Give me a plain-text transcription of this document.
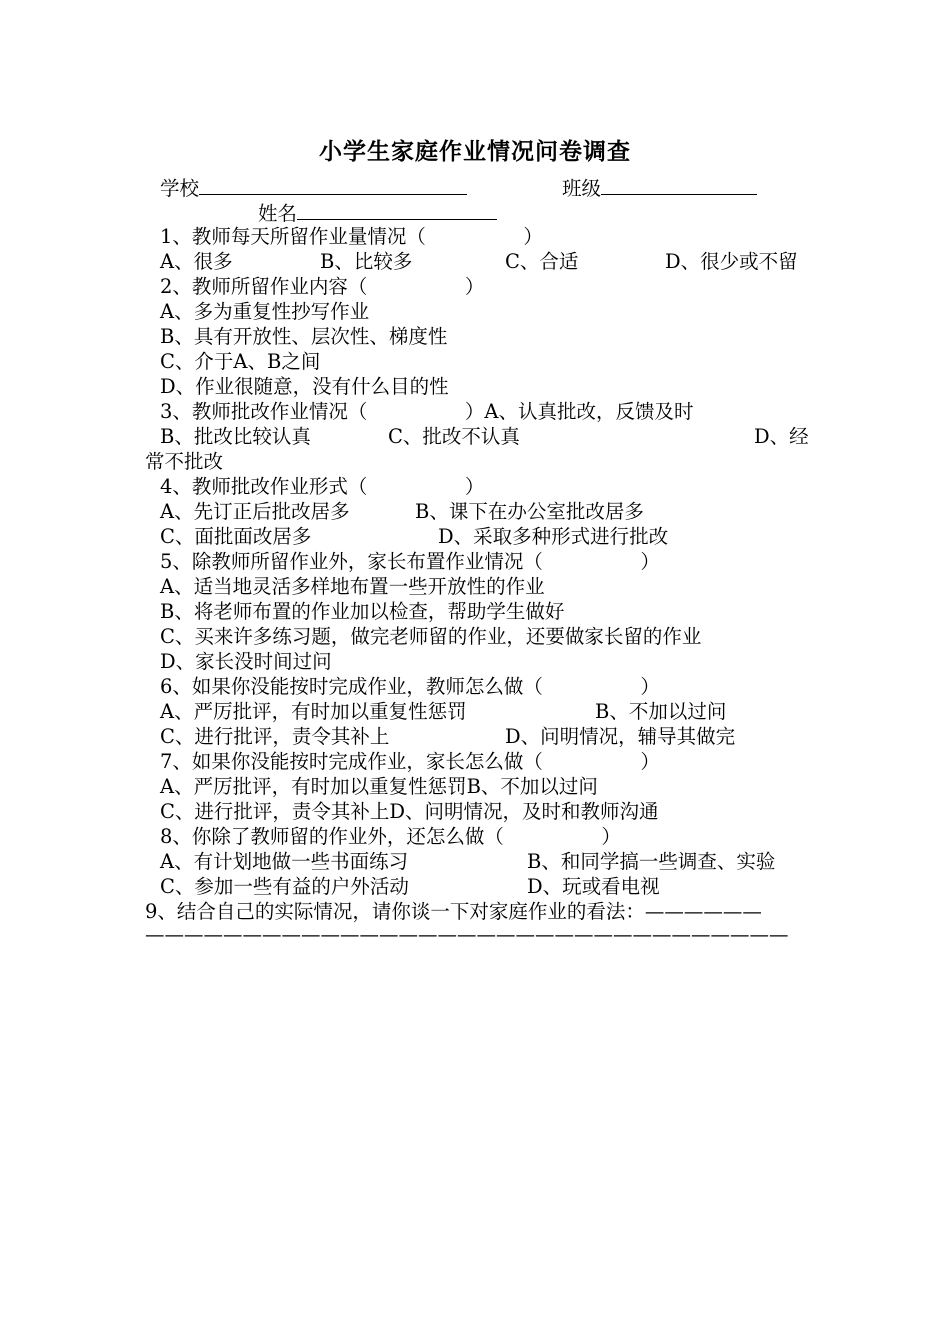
小学生家庭作业情况问卷调查
学校	班级
姓名
1、教师每天所留作业量情况（　　　　　）
A、很多	B、比较多	C、合适	D、很少或不留
2、教师所留作业内容（　　　　　）
A、多为重复性抄写作业
B、具有开放性、层次性、梯度性
C、介于A、B之间
D、作业很随意，没有什么目的性
3、教师批改作业情况（　　　　　）A、认真批改，反馈及时
B、批改比较认真	C、批改不认真	D、经
常不批改
4、教师批改作业形式（　　　　　）
A、先订正后批改居多	B、课下在办公室批改居多
C、面批面改居多	D、采取多种形式进行批改
5、除教师所留作业外，家长布置作业情况（　　　　　）
A、适当地灵活多样地布置一些开放性的作业
B、将老师布置的作业加以检查，帮助学生做好
C、买来许多练习题，做完老师留的作业，还要做家长留的作业
D、家长没时间过问
6、如果你没能按时完成作业，教师怎么做（　　　　　）
A、严厉批评，有时加以重复性惩罚	B、不加以过问
C、进行批评，责令其补上	D、问明情况，辅导其做完
7、如果你没能按时完成作业，家长怎么做（　　　　　）
A、严厉批评，有时加以重复性惩罚B、不加以过问
C、进行批评，责令其补上D、问明情况，及时和教师沟通
8、你除了教师留的作业外，还怎么做（　　　　　）
A、有计划地做一些书面练习	B、和同学搞一些调查、实验
C、参加一些有益的户外活动	D、玩或看电视
9、结合自己的实际情况，请你谈一下对家庭作业的看法：——————
—————————————————————————————————
